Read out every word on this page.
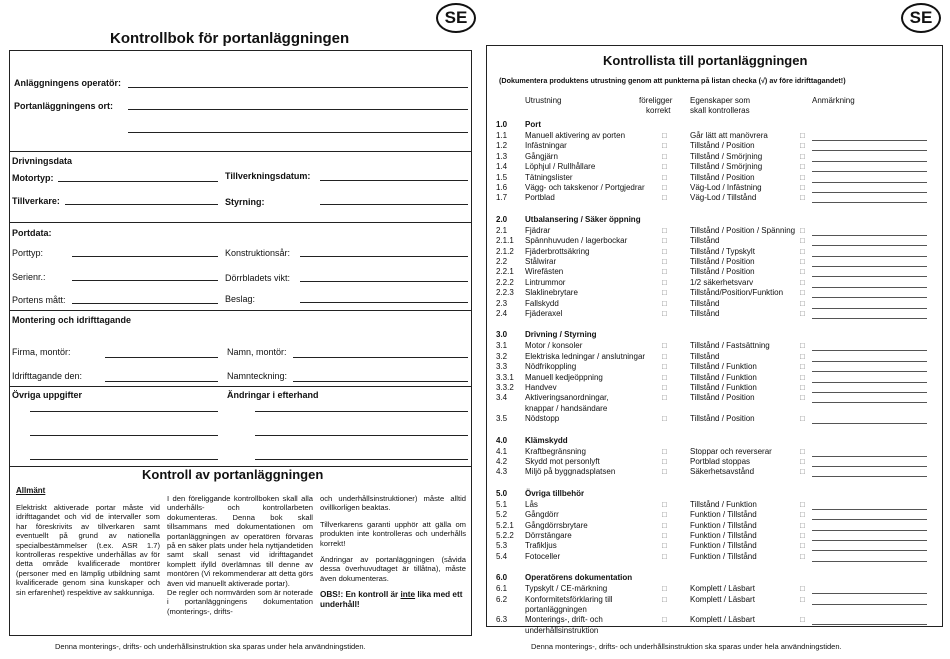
SE
Kontrollbok för portanläggningen
Anläggningens operatör:
Portanläggningens ort:
Drivningsdata
Motortyp:	Tillverkningsdatum:
Tillverkare:	Styrning:
Portdata:
Porttyp:	Konstruktionsår:
Serienr.:	Dörrbladets vikt:
Portens mått:	Beslag:
Montering och idrifttagande
Firma, montör:	Namn, montör:
Idrifttagande den:	Namnteckning:
Övriga uppgifter	Ändringar i efterhand
Kontroll av portanläggningen
Allmänt

Elektriskt aktiverade portar måste vid idrifttagandet och vid de intervaller som har föreskrivits av tillverkaren samt eventuellt på grund av nationella specialbestämmelser (t.ex. ASR 1.7) kontrolleras respektive underhållas av för detta område kvalificerade montörer (personer med en lämplig utbildning samt kvalificerade genom sina kunskaper och sin erfarenhet) respektive av sakkunniga.

I den föreliggande kontrollboken skall alla underhålls- och kontrollarbeten dokumenteras. Denna bok skall tillsammans med dokumentationen om portanläggningen av operatören förvaras på en säker plats under hela nyttjandetiden samt skall senast vid idrifttagandet komplett ifylld överlämnas till denne av montören (Vi rekommenderar att detta görs även vid manuellt aktiverade portar).

De regler och normvärden som är noterade i portanläggningens dokumentation (monterings-, drifts-

och underhållsinstruktioner) måste alltid ovillkorligen beaktas.

Tillverkarens garanti upphör att gälla om produkten inte kontrolleras och underhålls korrekt!

Ändringar av portanläggningen (såvida dessa överhuvudtaget är tillåtna), måste även dokumenteras.

OBS!: En kontroll är inte lika med ett underhåll!

Denna monterings-, drifts- och underhållsinstruktion ska sparas under hela användningstiden.
SE
Kontrollista till portanläggningen
(Dokumentera produktens utrustning genom att punkterna på listan checka (√) av före idrifttagandet!)
Utrustning	föreligger
korrekt
Egenskaper som
skall kontrolleras
Anmärkning
1.0 Port
1.1 Manuell aktivering av porten	□	Går lätt att manövrera	□
1.2 Infästningar	□	Tillstånd / Position	□
1.3 Gångjärn	□	Tillstånd / Smörjning	□
1.4 Löphjul / Rullhållare	□	Tillstånd / Smörjning	□
1.5 Tätningslister	□	Tillstånd / Position	□
1.6 Vägg- och takskenor / Portgjedrar □	Väg-Lod / Infästning	□
1.7 Portblad	□	Väg-Lod / Tillstånd	□
2.0 Utbalansering / Säker öppning
2.1 Fjädrar	□	Tillstånd / Position / Spänning □
2.1.1 Spännhuvuden / lagerbockar	□	Tillstånd	□
2.1.2 Fjäderbrottsäkring	□	Tillstånd / Typskylt	□
2.2 Stålwirar	□	Tillstånd / Position	□
2.2.1 Wirefästen	□	Tillstånd / Position	□
2.2.2 Lintrummor	□	1/2 säkerhetsvarv	□
2.2.3 Slaklinebrytare	□	Tillstånd/Position/Funktion □
2.3 Fallskydd	□	Tillstånd	□
2.4 Fjäderaxel	□	Tillstånd	□
3.0 Drivning / Styrning
3.1 Motor / konsoler	□	Tillstånd / Fastsättning	□
3.2 Elektriska ledningar / anslutningar □	Tillstånd	□
3.3 Nödfrikoppling	□	Tillstånd / Funktion	□
3.3.1 Manuell kedjeöppning	□	Tillstånd / Funktion	□
3.3.2 Handvev	□	Tillstånd / Funktion	□
3.4 Aktiveringsanordningar,	□	Tillstånd / Position	□
knappar / handsändare
3.5 Nödstopp	□	Tillstånd / Position	□
4.0 Klämskydd
4.1 Kraftbegränsning	□	Stoppar och reverserar	□
4.2 Skydd mot personlyft	□	Portblad stoppas	□
4.3 Miljö på byggnadsplatsen	□	Säkerhetsavstånd	□
5.0 Övriga tillbehör
5.1 Lås	□	Tillstånd / Funktion	□
5.2 Gångdörr	□	Funktion / Tillstånd	□
5.2.1 Gångdörrsbrytare	□	Funktion / Tillstånd	□
5.2.2 Dörrstängare	□	Funktion / Tillstånd	□
5.3 Trafikljus	□	Funktion / Tillstånd	□
5.4 Fotoceller	□	Funktion / Tillstånd	□
6.0 Operatörens dokumentation
6.1 Typskylt / CE-märkning	□	Komplett / Läsbart	□
6.2 Konformitetsförklaring till	□	Komplett / Läsbart	□
portanläggningen
6.3 Monterings-, drift- och	□	Komplett / Läsbart	□
underhållsinstruktion
Denna monterings-, drifts- och underhållsinstruktion ska sparas under hela användningstiden.
